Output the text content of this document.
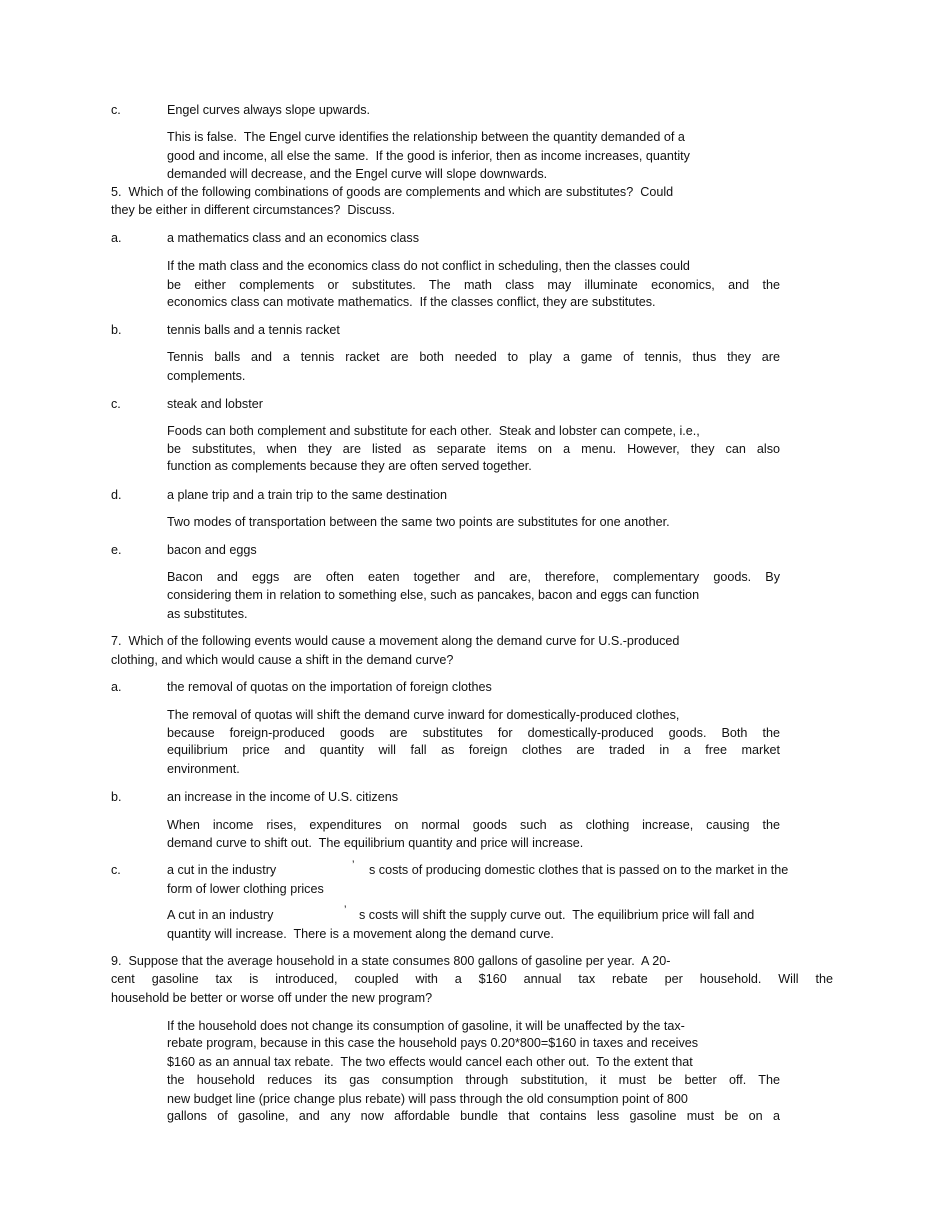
c.	Engel curves always slope upwards.
This is false.  The Engel curve identifies the relationship between the quantity demanded of a
good and income, all else the same.  If the good is inferior, then as income increases, quantity
demanded will decrease, and the Engel curve will slope downwards.
5.  Which of the following combinations of goods are complements and which are substitutes?  Could
they be either in different circumstances?  Discuss.
a.	a mathematics class and an economics class
If the math class and the economics class do not conflict in scheduling, then the classes could
be either complements or substitutes. The math class may illuminate economics, and the
economics class can motivate mathematics.  If the classes conflict, they are substitutes.
b.	tennis balls and a tennis racket
Tennis balls and a tennis racket are both needed to play a game of tennis, thus they are
complements.
c.	steak and lobster
Foods can both complement and substitute for each other.  Steak and lobster can compete, i.e.,
be substitutes, when they are listed as separate items on a menu. However, they can also
function as complements because they are often served together.
d.	a plane trip and a train trip to the same destination
Two modes of transportation between the same two points are substitutes for one another.
e.	bacon and eggs
Bacon and eggs are often eaten together and are, therefore, complementary goods. By
considering them in relation to something else, such as pancakes, bacon and eggs can function
as substitutes.
7.  Which of the following events would cause a movement along the demand curve for U.S.-produced
clothing, and which would cause a shift in the demand curve?
a.	the removal of quotas on the importation of foreign clothes
The removal of quotas will shift the demand curve inward for domestically-produced clothes,
because foreign-produced goods are substitutes for domestically-produced goods. Both the
equilibrium price and quantity will fall as foreign clothes are traded in a free market
environment.
b.	an increase in the income of U.S. citizens
When income rises, expenditures on normal goods such as clothing increase, causing the
demand curve to shift out.  The equilibrium quantity and price will increase.
c.	a cut in the industry	’ s costs of producing domestic clothes that is passed on to the market in the
form of lower clothing prices
A cut in an industry	’ s costs will shift the supply curve out.  The equilibrium price will fall and
quantity will increase.  There is a movement along the demand curve.
9.  Suppose that the average household in a state consumes 800 gallons of gasoline per year.  A 20-
cent gasoline tax is introduced, coupled with a $160 annual tax rebate per household. Will the
household be better or worse off under the new program?
If the household does not change its consumption of gasoline, it will be unaffected by the tax-
rebate program, because in this case the household pays 0.20*800=$160 in taxes and receives
$160 as an annual tax rebate.  The two effects would cancel each other out.  To the extent that
the household reduces its gas consumption through substitution, it must be better off. The
new budget line (price change plus rebate) will pass through the old consumption point of 800
gallons of gasoline, and any now affordable bundle that contains less gasoline must be on a
